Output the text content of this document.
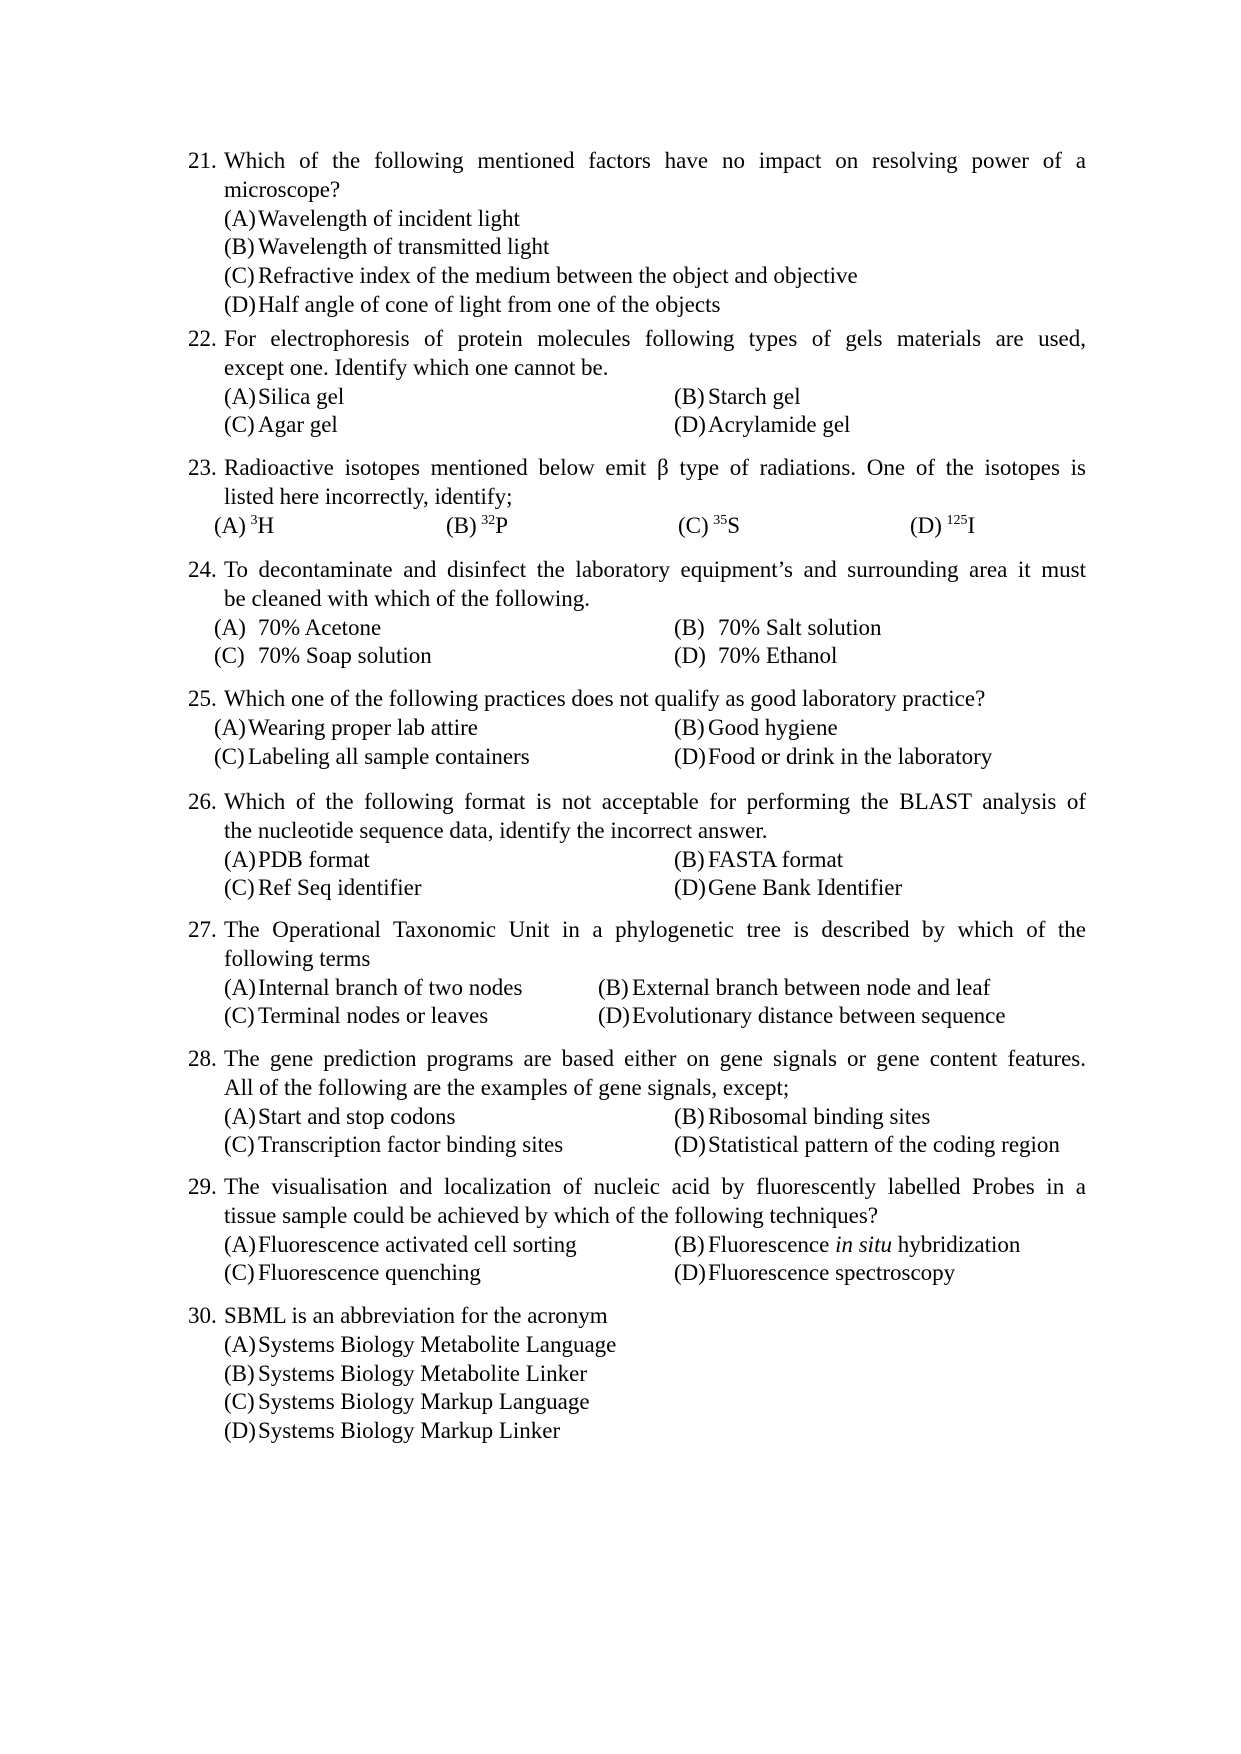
21. Which of the following mentioned factors have no impact on resolving power of a
microscope?
(A)Wavelength of incident light
(B) Wavelength of transmitted light
(C) Refractive index of the medium between the object and objective
(D)Half angle of cone of light from one of the objects
22. For electrophoresis of protein molecules following types of gels materials are used,
except one. Identify which one cannot be.
(A)Silica gel	(B) Starch gel
(C) Agar gel	(D)Acrylamide gel
23. Radioactive isotopes mentioned below emit β type of radiations. One of the isotopes is
listed here incorrectly, identify;
(A)  $^3$H	(B)  $^{32}$P	(C)  $^{35}$S	(D)  $^{125}$I
24. To decontaminate and disinfect the laboratory equipment’s and surrounding area it must
be cleaned with which of the following.
(A) 70% Acetone	(B) 70% Salt solution
(C) 70% Soap solution	(D) 70% Ethanol
25. Which one of the following practices does not qualify as good laboratory practice?
(A)Wearing proper lab attire	(B) Good hygiene
(C) Labeling all sample containers	(D)Food or drink in the laboratory
26. Which of the following format is not acceptable for performing the BLAST analysis of
the nucleotide sequence data, identify the incorrect answer.
(A)PDB format	(B) FASTA format
(C) Ref Seq identifier	(D)Gene Bank Identifier
27. The Operational Taxonomic Unit in a phylogenetic tree is described by which of the
following terms
(A)Internal branch of two nodes	(B) External branch between node and leaf
(C) Terminal nodes or leaves	(D)Evolutionary distance between sequence
28. The gene prediction programs are based either on gene signals or gene content features.
All of the following are the examples of gene signals, except;
(A)Start and stop codons	(B) Ribosomal binding sites
(C) Transcription factor binding sites	(D)Statistical pattern of the coding region
29. The visualisation and localization of nucleic acid by fluorescently labelled Probes in a
tissue sample could be achieved by which of the following techniques?
(A)Fluorescence activated cell sorting	(B) Fluorescence in situ hybridization
(C) Fluorescence quenching	(D)Fluorescence spectroscopy
30. SBML is an abbreviation for the acronym
(A)Systems Biology Metabolite Language
(B) Systems Biology Metabolite Linker
(C) Systems Biology Markup Language
(D)Systems Biology Markup Linker
